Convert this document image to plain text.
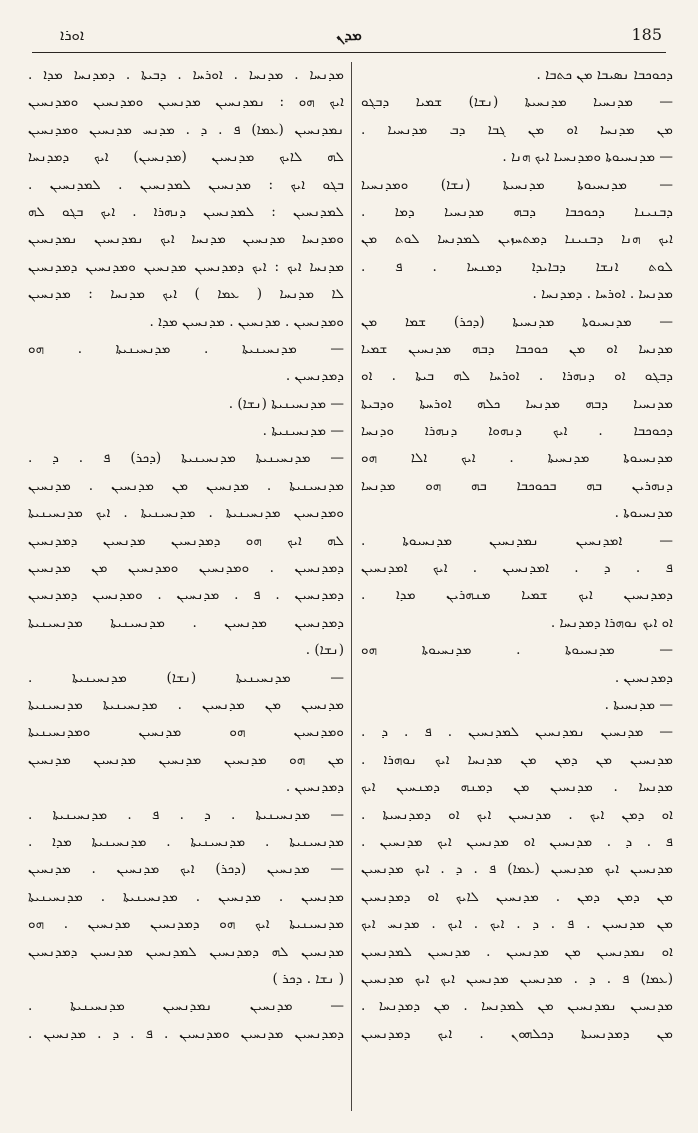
ܐܘܪܐ	ܡܕܢ	185
ܕܟܘܟܒܐ ܢܣܝܒܐ ܡܢ ܟܬܒܐ .
— ܡܕܢܚܝܐ ܡܕܢܚܝܬܐ (ܢܫܐ) ܫܡܝܐ ܕܒܓܘ
ܡܢ ܡܕܢܚܐ ܐܘ ܡܢ ܓܒܐ ܕܒ ܡܕܢܚܝܐ .
— ܡܕܢܚܝܘܬܐ ܘܡܕܢܚܝܐ ܐܝܟ ܗܢܐ .
— ܡܕܢܚܝܘܬܐ ܡܕܢܚܝܬܐ (ܢܫܐ) ܘܡܕܢܚܝܐ
ܕܒܢܝܢܐ ܕܟܘܟܒܐ ܕܒܗ ܡܕܢܚܝܐ ܕܡܐ .
ܐܝܟ ܗܢܐ ܕܒܢܝܢܐ ܕܡܬܚܙܝܢ ܠܡܕܢܚܐ ܠܘܬ ܡܢ
ܠܘܬ ܐܢܫܐ ܕܒܐܝܕܐ ܕܡܢܚܐ . ܦ .
ܡܕܢܚܐ . ܐܘܪܚܐ . ܕܡܕܢܚܐ .
— ܡܕܢܚܝܘܬܐ ܡܕܢܚܝܬܐ (ܕܟܪ) ܫܡܐ ܡܢ
ܡܕܢܚܐ ܐܘ ܡܢ ܟܘܟܒܐ ܕܒܗ ܡܕܢܚܝܢ ܫܡܝܐ
ܕܒܓܘ ܐܘ ܕܢܗܪܐ . ܐܘܪܚܐ ܠܗ ܒܝܬܐ . ܐܘ
ܡܕܢܚܝܐ ܕܒܗ ܡܕܢܚܐ ܟܠܗ ܐܘܪܚܬܐ ܘܕܒܝܬܐ
ܕܟܘܟܒܐ . ܐܝܟ ܕܢܗܘܐ ܕܢܗܪܐ ܘܕܢܚܐ
ܡܕܢܚܝܘܬܐ ܡܕܢܚܝܬܐ . ܐܝܟ ܐܠܐ ܗܘ
ܕܢܗܪܝܢ ܒܗ ܒܟܘܟܒܐ ܒܗ ܗܘ ܡܕܢܚܐ
ܡܕܢܚܝܘܬܐ .
— ܐܡܕܢܚܝܢ ܢܡܕܢܚܝܢ ܡܕܢܚܝܘܬܐ .
ܦ . ܕ . ܐܡܕܢܚܝܢ . ܐܝܟ ܐܡܕܢܚܝܢ
ܕܡܕܢܚܝܢ ܐܝܟ ܫܡܝܐ ܡܢܗܪܝܢ ܡܕܐ .
ܐܘ ܐܝܟ ܢܘܗܪܐ ܕܡܕܢܚܐ .
— ܡܕܢܚܝܘܬܐ . ܡܕܢܚܝܘܬܐ ܗܘ
ܕܡܕܢܚܝܢ .
— ܡܕܢܚܝܬܐ .
— ܡܕܢܚܝܢ ܢܡܕܢܚܝܢ ܠܡܕܢܚܝܢ . ܦ . ܕ .
ܡܕܢܚܝܢ ܡܢ ܕܡܢ ܡܢ ܡܕܢܚܐ ܐܝܟ ܢܘܗܪܐ .
ܡܕܢܚܐ . ܡܕܢܚܝܢ ܡܢ ܕܡܢܗ ܕܡܢܚܝܢ ܐܝܟ
ܐܘ ܕܡܢ ܐܝܟ . ܡܕܢܚܝܢ ܐܝܟ ܐܘ ܕܡܕܢܚܝܬܐ .
ܦ . ܕ . ܡܕܢܚܝܢ ܐܘ ܡܕܢܚܝܢ ܐܝܟ ܡܕܢܚܝܢ .
ܡܕܢܚܝܢ ܐܝܟ ܡܕܢܚܝܢ (ܥܡܐ) ܦ . ܕ . ܐܝܟ ܡܕܢܚܝܢ
ܡܢ ܕܡܢ ܕܡܢ . ܡܕܢܚܝܢ ܠܐܝܟ ܐܘ ܕܡܕܢܚܝܢ
ܡܢ ܡܕܢܚܝܢ . ܦ . ܕ . ܐܝܟ . ܐܝܟ . ܡܕܢܚ ܐܝܟ
ܐܘ ܢܡܕܢܚܝܢ ܡܢ ܡܕܢܚܝܢ . ܡܕܢܚܝܢ ܠܡܕܢܚܝܢ
(ܥܡܐ) ܦ . ܕ . ܡܕܢܚܝܢ ܡܕܢܚܝܢ ܐܝܟ ܐܝܟ ܡܕܢܚܝܢ
ܡܕܢܚܝܢ ܢܡܕܢܚܝܢ ܡܢ ܠܡܕܢܚܐ . ܡܢ ܕܡܕܢܚܐ .
ܡܢ ܕܡܕܢܚܝܬܐ ܕܟܠܗܘܢ . ܐܝܟ ܕܡܕܢܚܝܢ
ܡܕܢܚܐ . ܡܕܢܚܐ . ܐܘܪܚܐ . ܕܒܝܬܐ . ܕܡܕܢܚܐ ܡܕܐ .
ܐܝܟ ܗܘ : ܢܡܕܢܚܝܢ ܡܕܢܚܝܢ ܘܡܕܢܚܝܢ ܘܡܕܢܚܝܢ
ܢܡܕܢܚܝܢ (ܥܡܐ) ܦ . ܕ . ܡܕܢܚ ܡܕܢܚܝܢ ܘܡܕܢܚܝܢ
ܠܗ ܠܐܝܟ ܡܕܢܚܝܢ (ܡܕܢܚܝܢ) ܐܝܟ ܕܡܕܢܚܐ
ܒܓܘ ܐܝܟ : ܡܕܢܚܝܢ ܠܡܕܢܚܝܢ . ܠܡܕܢܚܝܢ .
ܠܡܕܢܚܝܢ : ܠܡܕܢܚܝܢ ܕܢܗܪܐ . ܐܝܟ ܒܓܘ ܠܗ
ܘܡܕܢܚܐ ܡܕܢܚܝܢ ܡܕܢܚܐ ܐܝܟ ܢܡܕܢܚܝܢ ܢܡܕܢܚܝܢ
ܡܕܢܚܐ ܐܝܟ : ܐܝܟ ܕܡܕܢܚܝܢ ܡܕܢܚܝܢ ܘܡܕܢܚܝܢ ܕܡܕܢܚܝܢ
ܠܐ ܡܕܢܚܐ ( ܥܡܐ ) ܐܝܟ ܡܕܢܚܐ : ܡܕܢܚܝܢ
ܘܡܕܢܚܝܢ . ܡܕܢܚܝܢ . ܡܕܢܚܝܢ ܡܕܐ .
— ܡܕܢܚܝܢܝܬܐ . ܡܕܢܚܝܢܝܬܐ . ܗܘ
ܕܡܕܢܚܝܢ .
— ܡܕܢܚܝܢܝܬܐ (ܢܫܐ) .
— ܡܕܢܚܝܢܝܬܐ .
— ܡܕܢܚܝܢܝܬܐ ܡܕܢܚܝܢܝܬܐ (ܕܟܪ) ܦ . ܕ .
ܡܕܢܚܝܢܝܬܐ . ܡܕܢܚܝܢ ܡܢ ܡܕܢܚܝܢ . ܡܕܢܚܝܢ
ܘܡܕܢܚܝܢ ܡܕܢܚܝܢܝܬܐ . ܡܕܢܚܝܢܝܬܐ . ܐܝܟ ܡܕܢܚܝܢܝܬܐ
ܠܗ ܐܝܟ ܗܘ ܕܡܕܢܚܝܢ ܡܕܢܚܝܢ ܕܡܕܢܚܝܢ
ܕܡܕܢܚܝܢ . ܘܡܕܢܚܝܢ ܘܡܕܢܚܝܢ ܡܢ ܡܕܢܚܝܢ
ܕܡܕܢܚܝܢ . ܦ . ܡܕܢܚܝܢ . ܘܡܕܢܚܝܢ ܕܡܕܢܚܝܢ
ܕܡܕܢܚܝܢ ܡܕܢܚܝܢ . ܡܕܢܚܝܢܝܬܐ ܡܕܢܚܝܢܝܬܐ
(ܢܫܐ) .
— ܡܕܢܚܝܢܝܬܐ (ܢܫܐ) ܡܕܢܚܝܢܝܬܐ .
ܡܕܢܚܝܢ ܡܢ ܡܕܢܚܝܢ . ܡܕܢܚܝܢܝܬܐ ܡܕܢܚܝܢܝܬܐ
ܘܡܕܢܚܝܢ ܗܘ ܡܕܢܚܝܢ ܘܡܕܢܚܝܢܝܬܐ
ܡܢ ܗܘ ܡܕܢܚܝܢ ܡܕܢܚܝܢ ܡܕܢܚܝܢ ܡܕܢܚܝܢ
ܕܡܕܢܚܝܢ .
— ܡܕܢܚܝܢܝܬܐ . ܕ . ܦ . ܡܕܢܚܝܢܝܬܐ .
ܡܕܢܚܝܢܝܬܐ . ܡܕܢܚܝܢܝܬܐ . ܡܕܢܚܝܢܝܬܐ ܡܕܐ .
— ܡܕܢܚܝܢ (ܕܟܪ) ܐܝܟ ܡܕܢܚܝܢ . ܡܕܢܚܝܢ
ܡܕܢܚܝܢ . ܡܕܢܚܝܢ . ܡܕܢܚܝܢܝܬܐ . ܡܕܢܚܝܢܝܬܐ
ܡܕܢܚܝܢܝܬܐ ܐܝܟ ܗܘ ܕܡܕܢܚܝܢ ܡܕܢܚܝܢ . ܗܘ
ܡܕܢܚܝܢ ܠܗ ܕܡܕܢܚܝܢ ܠܡܕܢܚܝܢ ܡܕܢܚܝܢ ܕܡܕܢܚܝܢ
( ܢܫܐ . ܕܟܪ )
— ܡܕܢܚܝܢ ܢܡܕܢܚܝܢ ܡܕܢܚܝܢܝܬܐ .
ܕܡܕܢܚܝܢ ܡܕܢܚܝܢ ܘܡܕܢܚܝܢ . ܦ . ܕ . ܡܕܢܚܝܢ .
